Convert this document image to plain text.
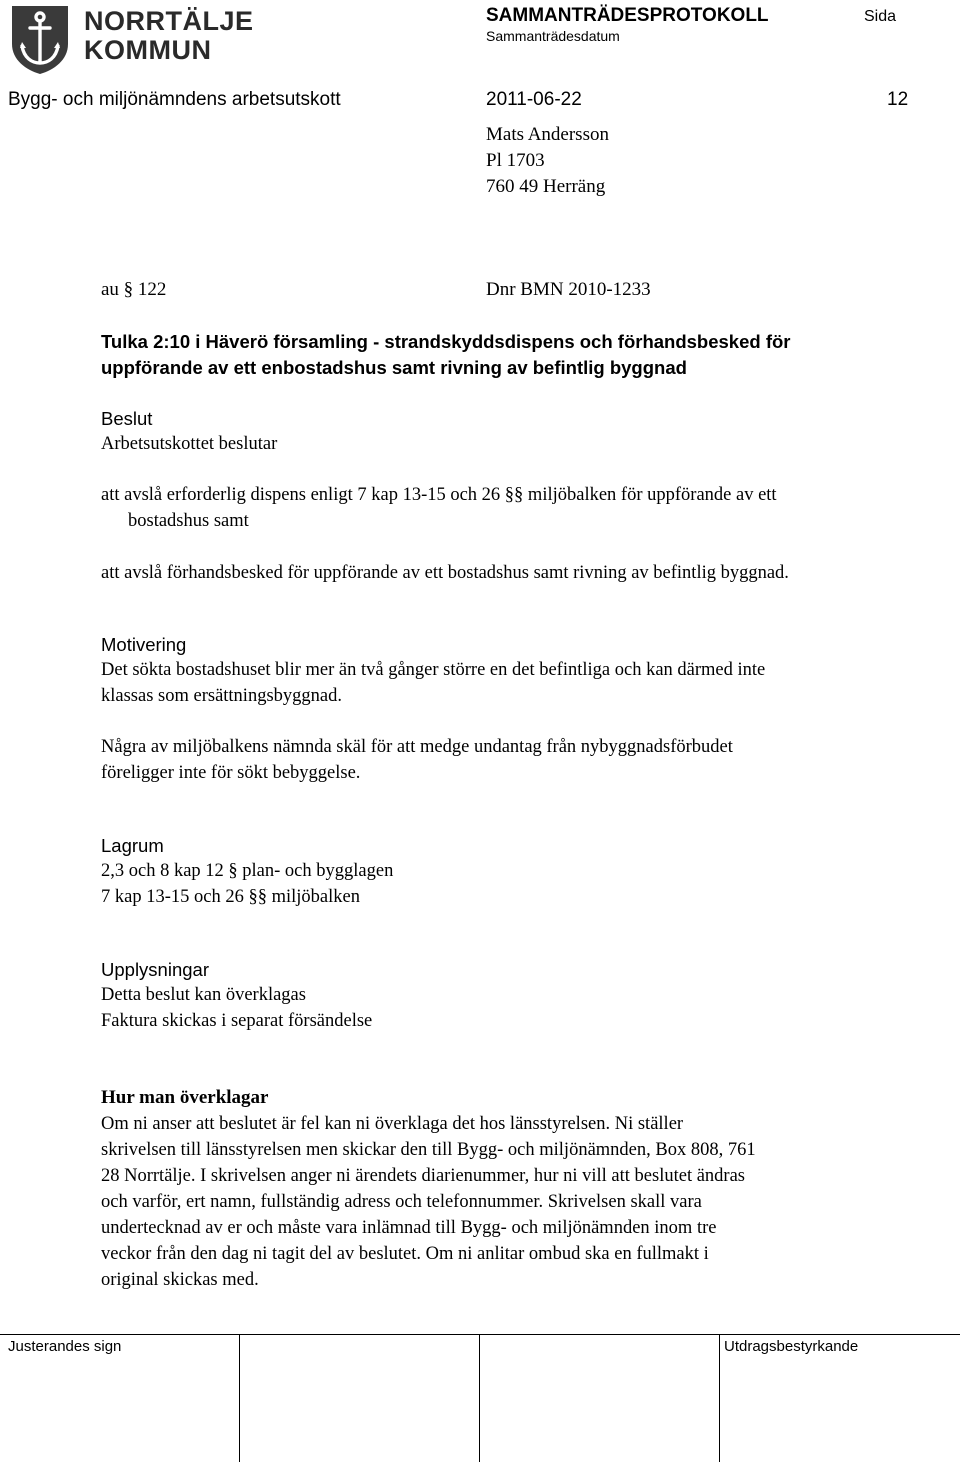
NORRTÄLJE
KOMMUN
SAMMANTRÄDESPROTOKOLL
Sammanträdesdatum
Sida
Bygg- och miljönämndens arbetsutskott	2011-06-22	12
Mats Andersson
Pl 1703
760 49 Herräng
au § 122	Dnr BMN 2010-1233
Tulka 2:10 i Häverö församling - strandskyddsdispens och förhandsbesked för
uppförande av ett enbostadshus samt rivning av befintlig byggnad
Beslut
Arbetsutskottet beslutar
att avslå erforderlig dispens enligt 7 kap 13-15 och 26 §§ miljöbalken för uppförande av ett
bostadshus samt
att avslå förhandsbesked för uppförande av ett bostadshus samt rivning av befintlig byggnad.
Motivering
Det sökta bostadshuset blir mer än två gånger större en det befintliga och kan därmed inte
klassas som ersättningsbyggnad.
Några av miljöbalkens nämnda skäl för att medge undantag från nybyggnadsförbudet
föreligger inte för sökt bebyggelse.
Lagrum
2,3 och 8 kap 12 § plan- och bygglagen
7 kap 13-15 och 26 §§ miljöbalken
Upplysningar
Detta beslut kan överklagas
Faktura skickas i separat försändelse
Hur man överklagar
Om ni anser att beslutet är fel kan ni överklaga det hos länsstyrelsen. Ni ställer
skrivelsen till länsstyrelsen men skickar den till Bygg- och miljönämnden, Box 808, 761
28 Norrtälje. I skrivelsen anger ni ärendets diarienummer, hur ni vill att beslutet ändras
och varför, ert namn, fullständig adress och telefonnummer. Skrivelsen skall vara
undertecknad av er och måste vara inlämnad till Bygg- och miljönämnden inom tre
veckor från den dag ni tagit del av beslutet. Om ni anlitar ombud ska en fullmakt i
original skickas med.
Justerandes sign	Utdragsbestyrkande
